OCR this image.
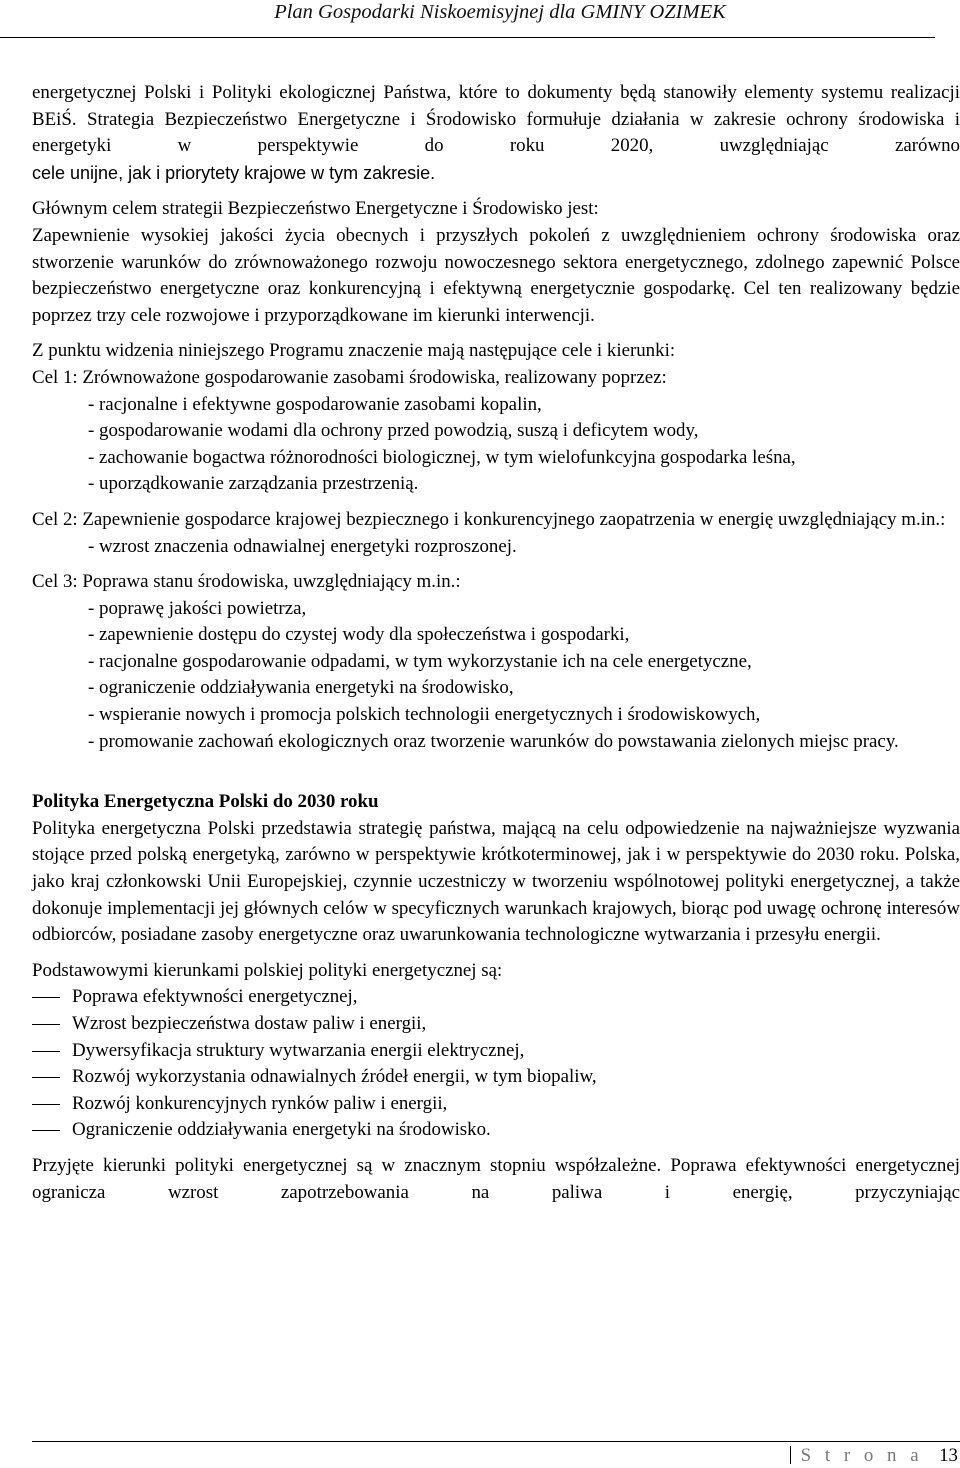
Plan Gospodarki Niskoemisyjnej dla GMINY OZIMEK

energetycznej Polski i Polityki ekologicznej Państwa, które to dokumenty będą stanowiły elementy systemu realizacji BEiŚ. Strategia Bezpieczeństwo Energetyczne i Środowisko formułuje działania w zakresie ochrony środowiska i energetyki w perspektywie do roku 2020, uwzględniając zarówno

cele unijne, jak i priorytety krajowe w tym zakresie.

Głównym celem strategii Bezpieczeństwo Energetyczne i Środowisko jest:

Zapewnienie wysokiej jakości życia obecnych i przyszłych pokoleń z uwzględnieniem ochrony środowiska oraz stworzenie warunków do zrównoważonego rozwoju nowoczesnego sektora energetycznego, zdolnego zapewnić Polsce bezpieczeństwo energetyczne oraz konkurencyjną i efektywną energetycznie gospodarkę. Cel ten realizowany będzie poprzez trzy cele rozwojowe i przyporządkowane im kierunki interwencji.

Z punktu widzenia niniejszego Programu znaczenie mają następujące cele i kierunki:

Cel 1: Zrównoważone gospodarowanie zasobami środowiska, realizowany poprzez:

- racjonalne i efektywne gospodarowanie zasobami kopalin,

- gospodarowanie wodami dla ochrony przed powodzią, suszą i deficytem wody,

- zachowanie bogactwa różnorodności biologicznej, w tym wielofunkcyjna gospodarka leśna,

- uporządkowanie zarządzania przestrzenią.

Cel 2: Zapewnienie gospodarce krajowej bezpiecznego i konkurencyjnego zaopatrzenia w energię uwzględniający m.in.:

- wzrost znaczenia odnawialnej energetyki rozproszonej.

Cel 3: Poprawa stanu środowiska, uwzględniający m.in.:

- poprawę jakości powietrza,

- zapewnienie dostępu do czystej wody dla społeczeństwa i gospodarki,

- racjonalne gospodarowanie odpadami, w tym wykorzystanie ich na cele energetyczne,

- ograniczenie oddziaływania energetyki na środowisko,

- wspieranie nowych i promocja polskich technologii energetycznych i środowiskowych,

- promowanie zachowań ekologicznych oraz tworzenie warunków do powstawania zielonych miejsc pracy.

Polityka Energetyczna Polski do 2030 roku

Polityka energetyczna Polski przedstawia strategię państwa, mającą na celu odpowiedzenie na najważniejsze wyzwania stojące przed polską energetyką, zarówno w perspektywie krótkoterminowej, jak i w perspektywie do 2030 roku. Polska, jako kraj członkowski Unii Europejskiej, czynnie uczestniczy w tworzeniu wspólnotowej polityki energetycznej, a także dokonuje implementacji jej głównych celów w specyficznych warunkach krajowych, biorąc pod uwagę ochronę interesów odbiorców, posiadane zasoby energetyczne oraz uwarunkowania technologiczne wytwarzania i przesyłu energii.

Podstawowymi kierunkami polskiej polityki energetycznej są:

Poprawa efektywności energetycznej,
Wzrost bezpieczeństwa dostaw paliw i energii,
Dywersyfikacja struktury wytwarzania energii elektrycznej,
Rozwój wykorzystania odnawialnych źródeł energii, w tym biopaliw,
Rozwój konkurencyjnych rynków paliw i energii,
Ograniczenie oddziaływania energetyki na środowisko.

Przyjęte kierunki polityki energetycznej są w znacznym stopniu współzależne. Poprawa efektywności energetycznej ogranicza wzrost zapotrzebowania na paliwa i energię, przyczyniając

S t r o n a 13
